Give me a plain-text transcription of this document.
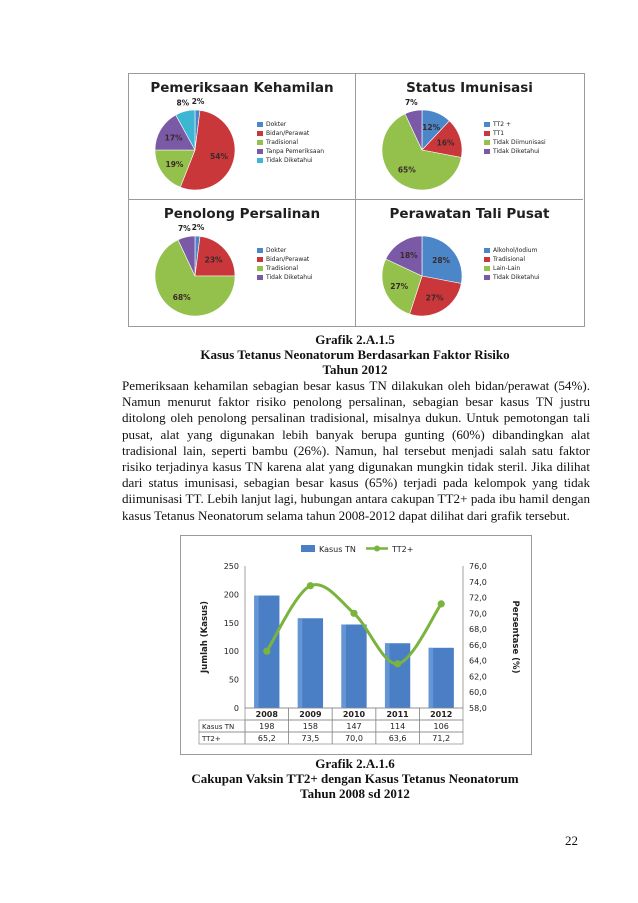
2%
54%
19%
17%
8%
Pemeriksaan Kehamilan
Dokter
Bidan/Perawat
Tradisional
Tanpa Pemeriksaan
Tidak Diketahui
12%
16%
65%
7%
Status Imunisasi
TT2 +
TT1
Tidak Diimunisasi
Tidak Diketahui
2%
23%
68%
7%
Penolong Persalinan
Dokter
Bidan/Perawat
Tradisional
Tidak Diketahui
28%
27%
27%
18%
Perawatan Tali Pusat
Alkohol/Iodium
Tradisional
Lain-Lain
Tidak Diketahui
Grafik 2.A.1.5
Kasus Tetanus Neonatorum Berdasarkan Faktor Risiko
Tahun 2012

Pemeriksaan kehamilan sebagian besar kasus TN dilakukan oleh bidan/perawat (54%). Namun menurut faktor risiko penolong persalinan, sebagian besar kasus TN justru ditolong oleh penolong persalinan tradisional, misalnya dukun. Untuk pemotongan tali pusat, alat yang digunakan lebih banyak berupa gunting (60%) dibandingkan alat tradisional lain, seperti bambu (26%). Namun, hal tersebut menjadi salah satu faktor risiko terjadinya kasus TN karena alat yang digunakan mungkin tidak steril. Jika dilihat dari status imunisasi, sebagian besar kasus (65%) terjadi pada kelompok yang tidak diimunisasi TT. Lebih lanjut lagi, hubungan antara cakupan TT2+ pada ibu hamil dengan kasus Tetanus Neonatorum selama tahun 2008-2012 dapat dilihat dari grafik tersebut.

Kasus TN	TT2+
0
50
100
150
200
250
58,0
60,0
62,0
64,0
66,0
68,0
70,0
72,0
74,0
76,0
Jumlah (Kasus)	Persentase (%)
2008	2009	2010	2011	2012
Kasus TN	198	158	147	114	106
TT2+	65,2	73,5	70,0	63,6	71,2
Grafik 2.A.1.6
Cakupan Vaksin TT2+ dengan Kasus Tetanus Neonatorum
Tahun 2008 sd 2012
22
